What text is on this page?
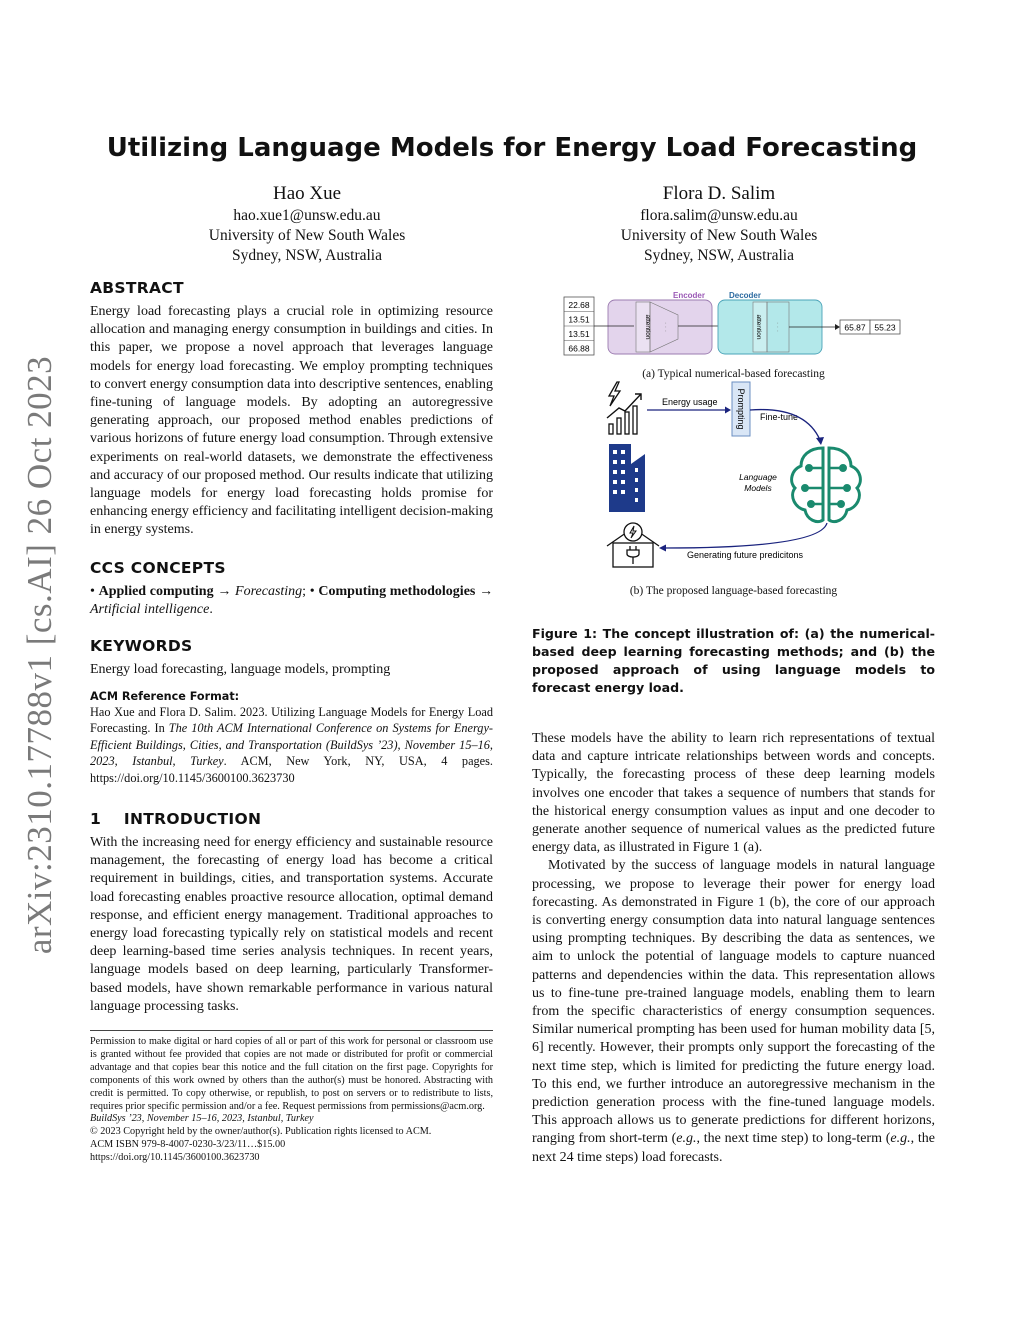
arXiv:2310.17788v1 [cs.AI] 26 Oct 2023
Utilizing Language Models for Energy Load Forecasting
Hao Xue
hao.xue1@unsw.edu.au
University of New South Wales
Sydney, NSW, Australia
Flora D. Salim
flora.salim@unsw.edu.au
University of New South Wales
Sydney, NSW, Australia
ABSTRACT

Energy load forecasting plays a crucial role in optimizing resource allocation and managing energy consumption in buildings and cities. In this paper, we propose a novel approach that leverages language models for energy load forecasting. We employ prompting techniques to convert energy consumption data into descriptive sentences, enabling fine-tuning of language models. By adopting an autoregressive generating approach, our proposed method enables predictions of various horizons of future energy load consumption. Through extensive experiments on real-world datasets, we demonstrate the effectiveness and accuracy of our proposed method. Our results indicate that utilizing language models for energy load forecasting holds promise for enhancing energy efficiency and facilitating intelligent decision-making in energy systems.

CCS CONCEPTS

• Applied computing → Forecasting; • Computing methodologies → Artificial intelligence.

KEYWORDS

Energy load forecasting, language models, prompting

ACM Reference Format:

Hao Xue and Flora D. Salim. 2023. Utilizing Language Models for Energy Load Forecasting. In The 10th ACM International Conference on Systems for Energy-Efficient Buildings, Cities, and Transportation (BuildSys ’23), November 15–16, 2023, Istanbul, Turkey. ACM, New York, NY, USA, 4 pages. https://doi.org/10.1145/3600100.3623730

1 INTRODUCTION

With the increasing need for energy efficiency and sustainable resource management, the forecasting of energy load has become a critical requirement in buildings, cities, and transportation systems. Accurate load forecasting enables proactive resource allocation, optimal demand response, and efficient energy management. Traditional approaches to energy load forecasting typically rely on statistical models and recent deep learning-based time series analysis techniques. In recent years, language models based on deep learning, particularly Transformer-based models, have shown remarkable performance in various natural language processing tasks.

Permission to make digital or hard copies of all or part of this work for personal or classroom use is granted without fee provided that copies are not made or distributed for profit or commercial advantage and that copies bear this notice and the full citation on the first page. Copyrights for components of this work owned by others than the author(s) must be honored. Abstracting with credit is permitted. To copy otherwise, or republish, to post on servers or to redistribute to lists, requires prior specific permission and/or a fee. Request permissions from permissions@acm.org.

BuildSys ’23, November 15–16, 2023, Istanbul, Turkey

© 2023 Copyright held by the owner/author(s). Publication rights licensed to ACM.

ACM ISBN 979-8-4007-0230-3/23/11…$15.00

https://doi.org/10.1145/3600100.3623730

22.68
13.51
13.51
66.88
Encoder
attention · · ·
Decoder
attention · · ·	65.87 55.23
(a) Typical numerical-based forecasting
Energy usage Prompting Fine-tune
Language
Models
Generating future predicitons
(b) The proposed language-based forecasting
Figure 1: The concept illustration of: (a) the numerical-based deep learning forecasting methods; and (b) the proposed approach of using language models to forecast energy load.

These models have the ability to learn rich representations of textual data and capture intricate relationships between words and concepts. Typically, the forecasting process of these deep learning models involves one encoder that takes a sequence of numbers that stands for the historical energy consumption values as input and one decoder to generate another sequence of numerical values as the predicted future energy data, as illustrated in Figure 1 (a).

Motivated by the success of language models in natural language processing, we propose to leverage their power for energy load forecasting. As demonstrated in Figure 1 (b), the core of our approach is converting energy consumption data into natural language sentences using prompting techniques. By describing the data as sentences, we aim to unlock the potential of language models to capture nuanced patterns and dependencies within the data. This representation allows us to fine-tune pre-trained language models, enabling them to learn from the specific characteristics of energy consumption sequences. Similar numerical prompting has been used for human mobility data [5, 6] recently. However, their prompts only support the forecasting of the next time step, which is limited for predicting the future energy load. To this end, we further introduce an autoregressive mechanism in the prediction generation process with the fine-tuned language models. This approach allows us to generate predictions for different horizons, ranging from short-term (e.g., the next time step) to long-term (e.g., the next 24 time steps) load forecasts.
